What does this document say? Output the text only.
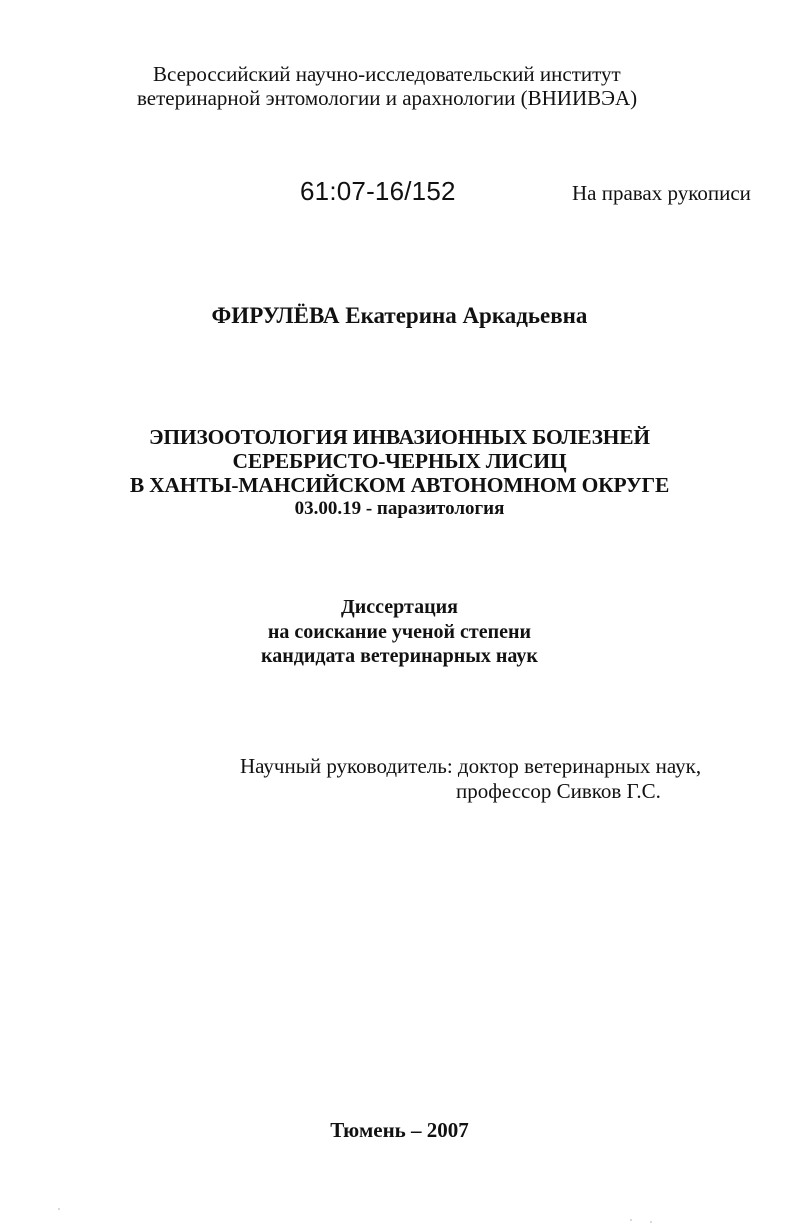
Всероссийский научно-исследовательский институт
ветеринарной энтомологии и арахнологии (ВНИИВЭА)
61:07-16/152	На правах рукописи
ФИРУЛЁВА Екатерина Аркадьевна
ЭПИЗООТОЛОГИЯ ИНВАЗИОННЫХ БОЛЕЗНЕЙ
СЕРЕБРИСТО-ЧЕРНЫХ ЛИСИЦ
В ХАНТЫ-МАНСИЙСКОМ АВТОНОМНОМ ОКРУГЕ
03.00.19 - паразитология
Диссертация
на соискание ученой степени
кандидата ветеринарных наук
Научный руководитель: доктор ветеринарных наук,
профессор Сивков Г.С.
Тюмень – 2007
